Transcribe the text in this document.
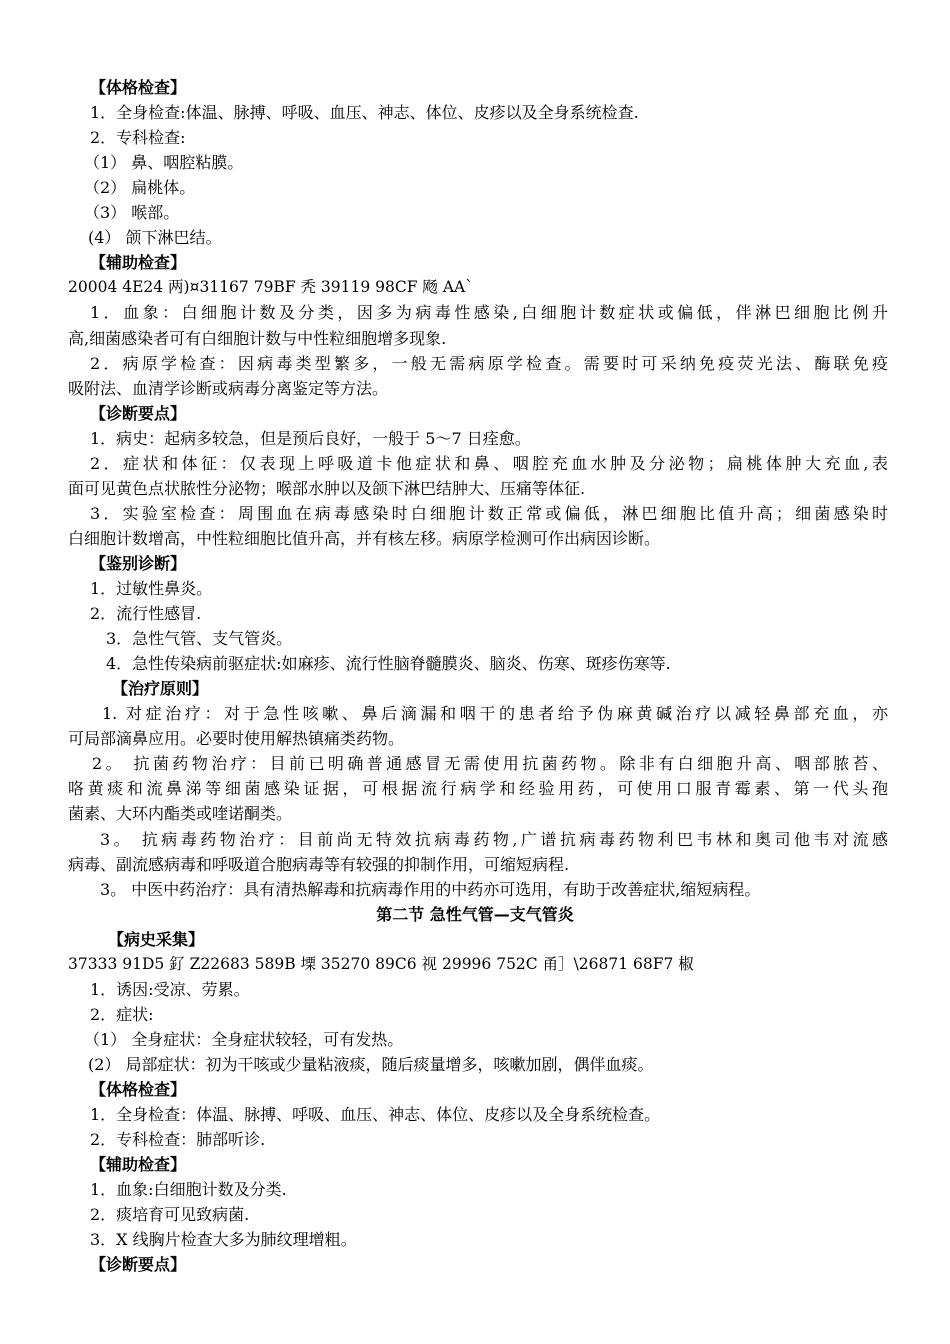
【体格检查】
1．全身检查:体温、脉搏、呼吸、血压、神志、体位、皮疹以及全身系统检查.
2．专科检查:
（1） 鼻、咽腔粘膜。
（2） 扁桃体。
（3） 喉部。
(4） 颌下淋巴结。
【辅助检查】
20004 4E24 两)¤31167 79BF 秃 39119 98CF 飏 AA`
1．血象：白细胞计数及分类，因多为病毒性感染,白细胞计数症状或偏低，伴淋巴细胞比例升
高,细菌感染者可有白细胞计数与中性粒细胞增多现象.
2．病原学检查：因病毒类型繁多，一般无需病原学检查。需要时可采纳免疫荧光法、酶联免疫
吸附法、血清学诊断或病毒分离鉴定等方法。
【诊断要点】
1．病史：起病多较急，但是预后良好，一般于 5～7 日痊愈。
2．症状和体征：仅表现上呼吸道卡他症状和鼻、咽腔充血水肿及分泌物；扁桃体肿大充血,表
面可见黄色点状脓性分泌物；喉部水肿以及颌下淋巴结肿大、压痛等体征.
3．实验室检查：周围血在病毒感染时白细胞计数正常或偏低，淋巴细胞比值升高；细菌感染时
白细胞计数增高，中性粒细胞比值升高，并有核左移。病原学检测可作出病因诊断。
【鉴别诊断】
1．过敏性鼻炎。
2．流行性感冒.
3．急性气管、支气管炎。
4．急性传染病前驱症状:如麻疹、流行性脑脊髓膜炎、脑炎、伤寒、斑疹伤寒等.
【治疗原则】
1. 对症治疗：对于急性咳嗽、鼻后滴漏和咽干的患者给予伪麻黄碱治疗以减轻鼻部充血，亦
可局部滴鼻应用。必要时使用解热镇痛类药物。
2。 抗菌药物治疗：目前已明确普通感冒无需使用抗菌药物。除非有白细胞升高、咽部脓苔、
咯黄痰和流鼻涕等细菌感染证据，可根据流行病学和经验用药，可使用口服青霉素、第一代头孢
菌素、大环内酯类或喹诺酮类。
3。 抗病毒药物治疗：目前尚无特效抗病毒药物,广谱抗病毒药物利巴韦林和奥司他韦对流感
病毒、副流感病毒和呼吸道合胞病毒等有较强的抑制作用，可缩短病程.
3。 中医中药治疗：具有清热解毒和抗病毒作用的中药亦可选用，有助于改善症状,缩短病程。
第二节 急性气管—支气管炎
【病史采集】
37333 91D5 釕 Z22683 589B 塛 35270 89C6 视 29996 752C 甬］\26871 68F7 椒
1．诱因:受凉、劳累。
2．症状:
（1） 全身症状：全身症状较轻，可有发热。
(2） 局部症状：初为干咳或少量粘液痰，随后痰量增多，咳嗽加剧，偶伴血痰。
【体格检查】
1．全身检查：体温、脉搏、呼吸、血压、神志、体位、皮疹以及全身系统检查。
2．专科检查：肺部听诊.
【辅助检查】
1．血象:白细胞计数及分类.
2．痰培育可见致病菌.
3．X 线胸片检查大多为肺纹理增粗。
【诊断要点】
